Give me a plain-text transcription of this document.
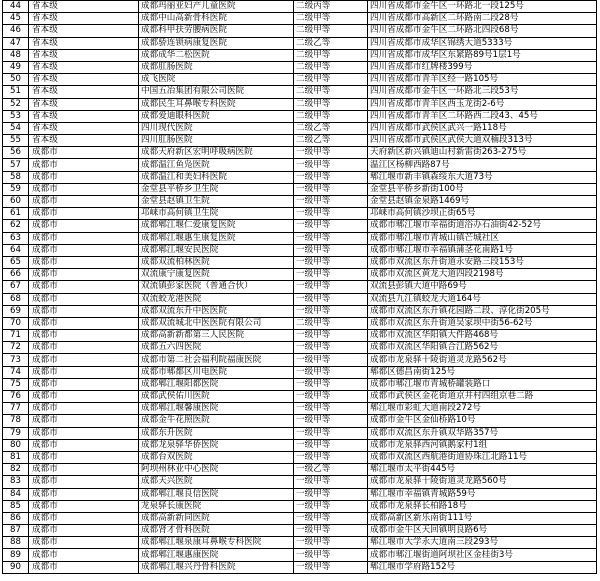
44	省本级	成都玛丽亚妇产儿童医院	二级丙等	四川省成都市金牛区一环路北一段125号
45	省本级	成都中山高新骨科医院	二级甲等	四川省成都市高新区二环路南二段28号
46	省本级	成都科甲扶劳腰病医院	二级甲等	四川省成都市金牛区二环路北四段68号
47	省本级	成都骄连锁病康复医院	二级乙等	四川省成都市成华区锦绣大道5333号
48	省本级	成都成华二松医院	二级甲等	四川省成都市成华区东紧路89号1层1号
49	省本级	成都肛肠医院	二级甲等	四川省成都市红牌楼399号
50	省本级	成飞医院	二级甲等	四川省成都市青羊区经一路105号
51	省本级	中国五冶集团有限公司医院	二级甲等	四川省成都市金牛区一环路北三段53号
52	省本级	成都民生耳鼻喉专科医院	二级甲等	四川省成都市青羊区西玉龙街2-6号
53	省本级	成都爱迪眼科医院	二级甲等	四川省成都市青羊区二环路西二段43、45号
54	省本级	四川现代医院	二级乙等	四川省成都市武侯区武兴一路118号
55	省本级	四川肛肠医院	二级乙等	四川省成都市武侯区武侯大道双楠段313号
56	成都市	成都天府新区宏明呼吸病医院	一级甲等	天府新区新兴镇迪山村新雷街263-275号
57	成都市	成都温江鱼凫医院	一级甲等	温江区杨柳西路87号
58	成都市	成都温江和美妇科医院	一级甲等	郫江堰市新丰镇森绥东大道73号
59	成都市	金堂县平桥乡卫生院	一级甲等	金堂县平桥乡新街100号
60	成都市	金堂县赵镇卫生院	一级甲等	金堂县赵镇金泉路1469号
61	成都市	邛崃市高何镇卫生院	一级甲等	邛崃市高何镇沙坝正街65号
62	成都市	成都郫江堰仁爱康复医院	一级甲等	成都市郫江堰市幸福街道浴办石油街42-52号
63	成都市	成都郫江堰惠生康复医院	一级甲等	成都市郫江堰市青城山镇芒城社区
64	成都市	成都郫江堰安民医院	一级甲等	成都市郫江堰市幸福镇蒲茎花南路1号
65	成都市	成都双流柏林医院	一级甲等	成都市双流区东升街道永安路三段153号
66	成都市	双流康宁康复医院	一级甲等	成都市双流区黄龙大道四段2198号
67	成都市	双流镇彭家医院（普通合伙）	一级甲等	双流县彭镇大道中路69号
68	成都市	双流蛟龙港医院	一级甲等	双流县九江镇蛟龙大道164号
69	成都市	成都双流东升中医医院	一级甲等	成都市双流区东升镇花园路二段、淳化街205号
70	成都市	成都双流城北中医医院有限公司	二级甲等	成都市双流区东升街道吴家坝中街56-62号
71	成都市	成都高新新都第三人民医院	一级甲等	成都市双流区华阳镇大件路468号
72	成都市	成都五六四医院	一级甲等	成都市双流区华阳镇合江路562号
73	成都市	成都市第二社会福利院福康医院	一级甲等	成都市龙泉驿十陵街道灵龙路562号
74	成都市	成都市郫都区川电医院	一级甲等	郫都区德昌南街125号
75	成都市	成都郫江堰阳都医院	一级甲等	成都市郫江堰市青城桥罐装路口
76	成都市	成都武侯佑川医院	一级甲等	成都市武侯区金花街道京井村四组京巷二路
77	成都市	成都郫江堰馨康医院	一级甲等	郫江堰市彩虹大道南段272号
78	成都市	成都金牛花照医院	一级甲等	成都市金牛区金仙桥路10号
79	成都市	成都东升医院	一级甲等	成都市双流区东升镇双华路357号
80	成都市	成都龙泉驿华侨医院	一级甲等	成都市龙泉驿西河镇鹅家村1组
81	成都市	成都台双医院	一级甲等	成都市双流区西航港街道协珠江北路11号
82	成都市	阿坝州林业中心医院	一级乙等	郫江堰市太平街445号
83	成都市	成都天兴医院	一级甲等	成都市龙泉驿十陵街道灵龙路560号
84	成都市	成都郫江堰良信医院	一级甲等	郫江堰市幸福镇青城路59号
85	成都市	龙泉驿长康医院	一级甲等	成都市龙泉驿长柏路18号
86	成都市	成都高新新同医院	一级甲等	成都高新区新乐南街111号
87	成都市	成都肾才骨科医院	一级甲等	成都市金牛区天回镇明良路6号
88	成都市	成都郫江堰泉康耳鼻喉专科医院	一级甲等	郫江堰市大学永大道南三段293号
89	成都市	成都郫江堰惠康医院	一级甲等	成都市郫江堰街道阿坝社区金桂街3号
90	成都市	成都郫江堰兴丹骨科医院	一级甲等	郫江堰市学府路152号
